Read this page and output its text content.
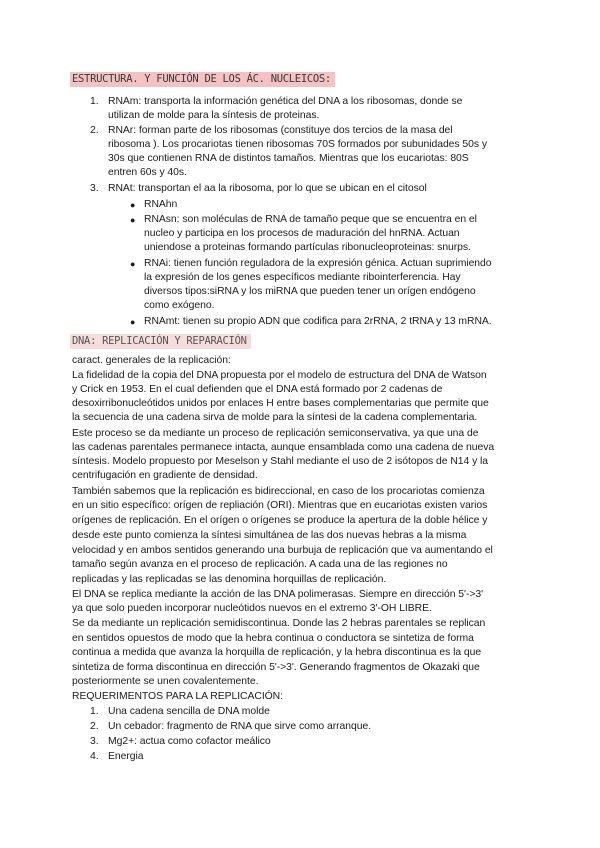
ESTRUCTURA. Y FUNCIÓN DE LOS ÁC. NUCLEICOS:
1. RNAm: transporta la información genética del DNA a los ribosomas, donde se
utilizan de molde para la síntesis de proteinas.
2. RNAr: forman parte de los ribosomas (constituye dos tercios de la masa del
ribosoma ). Los procariotas tienen ribosomas 70S formados por subunidades 50s y
30s que contienen RNA de distintos tamaños. Mientras que los eucariotas: 80S
entren 60s y 40s.
3. RNAt: transportan el aa la ribosoma, por lo que se ubican en el citosol
● RNAhn
● RNAsn: son moléculas de RNA de tamaño peque que se encuentra en el
nucleo y participa en los procesos de maduración del hnRNA. Actuan
uniendose a proteinas formando partículas ribonucleoproteinas: snurps.
● RNAi: tienen función reguladora de la expresión génica. Actuan suprimiendo
la expresión de los genes específicos mediante ribointerferencia. Hay
diversos tipos:siRNA y los miRNA que pueden tener un orígen endógeno
como exógeno.
● RNAmt: tienen su propio ADN que codifica para 2rRNA, 2 tRNA y 13 mRNA.
DNA: REPLICACIÓN Y REPARACIÓN
caract. generales de la replicación:
La fidelidad de la copia del DNA propuesta por el modelo de estructura del DNA de Watson
y Crick en 1953. En el cual defienden que el DNA está formado por 2 cadenas de
desoxirribonucleótidos unidos por enlaces H entre bases complementarias que permite que
la secuencia de una cadena sirva de molde para la síntesi de la cadena complementaria.
Este proceso se da mediante un proceso de replicación semiconservativa, ya que una de
las cadenas parentales permanece intacta, aunque ensamblada como una cadena de nueva
síntesis. Modelo propuesto por Meselson y Stahl mediante el uso de 2 isótopos de N14 y la
centrifugación en gradiente de densidad.
También sabemos que la replicación es bidireccional, en caso de los procariotas comienza
en un sitio específico: orígen de repliación (ORI). Mientras que en eucariotas existen varios
orígenes de replicación. En el orígen o orígenes se produce la apertura de la doble hélice y
desde este punto comienza la síntesi simultánea de las dos nuevas hebras a la misma
velocidad y en ambos sentidos generando una burbuja de replicación que va aumentando el
tamaño según avanza en el proceso de replicación. A cada una de las regiones no
replicadas y las replicadas se las denomina horquillas de replicación.
El DNA se replica mediante la acción de las DNA polimerasas. Siempre en dirección 5'->3'
ya que solo pueden incorporar nucleótidos nuevos en el extremo 3'-OH LIBRE.
Se da mediante un replicación semidiscontinua. Donde las 2 hebras parentales se replican
en sentidos opuestos de modo que la hebra continua o conductora se sintetiza de forma
continua a medida que avanza la horquilla de replicación, y la hebra discontinua es la que
sintetiza de forma discontinua en dirección 5'->3'. Generando fragmentos de Okazaki que
posteriormente se unen covalentemente.
REQUERIMENTOS PARA LA REPLICACIÓN:
1. Una cadena sencilla de DNA molde
2. Un cebador: fragmento de RNA que sirve como arranque.
3. Mg2+: actua como cofactor meálico
4. Energia
